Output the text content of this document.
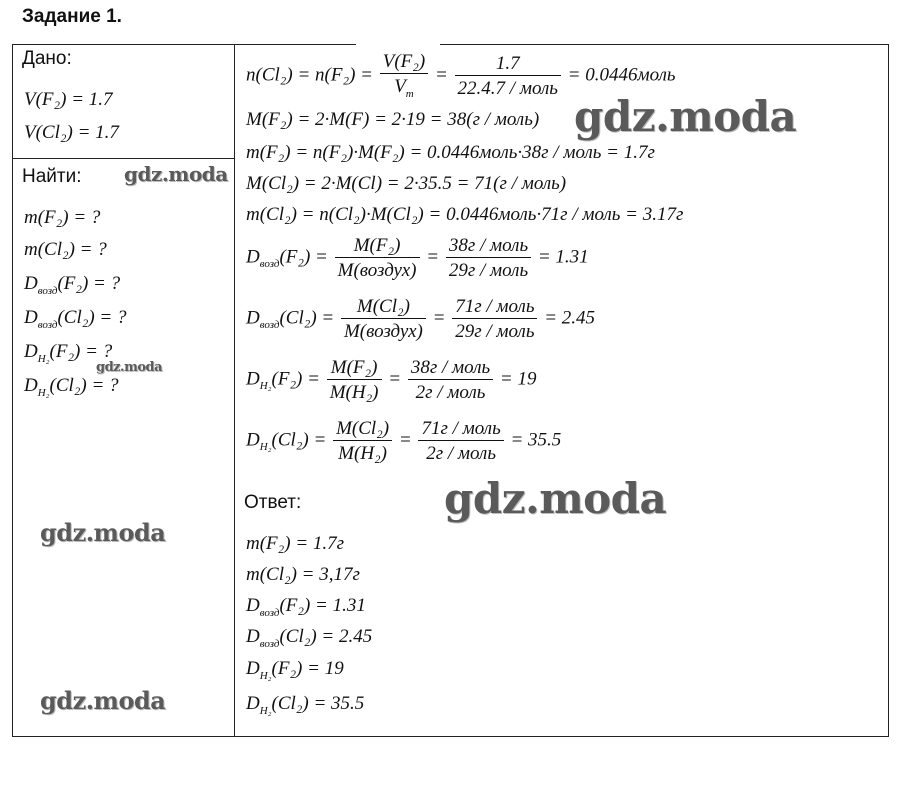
Задание 1.
Дано:
V(F₂) = 1.7
V(Cl₂) = 1.7
Найти:
m(F₂) = ?
m(Cl₂) = ?
$D_{возд}(F_2)$ = ?
$D_{возд}(Cl_2)$ = ?
$D_{H_2}(F_2)$ = ?
$D_{H_2}(Cl_2)$ = ?
$n(Cl_2) = n(F_2) = \frac{\text{V(F₂)}}{V_m} = \frac{1.7}{\text{22.4.7 / моль}}$ = 0.0446моль
M(F₂) = 2·M(F) = 2·19 = 38(г / моль)
m(F₂) = n(F₂)·M(F₂) = 0.0446моль·38г / моль = 1.7г
M(Cl₂) = 2·M(Cl) = 2·35.5 = 71(г / моль)
m(Cl₂) = n(Cl₂)·M(Cl₂) = 0.0446моль·71г / моль = 3.17г
$D_{возд}(F_2) = \frac{\text{M(F₂)}}{\text{M(воздух)}} = \frac{\text{38г / моль}}{\text{29г / моль}} = 1.31$
$D_{возд}(Cl_2) = \frac{\text{M(Cl₂)}}{\text{M(воздух)}} = \frac{\text{71г / моль}}{\text{29г / моль}} = 2.45$
$D_{H_2}(F_2) = \frac{\text{M(F₂)}}{\text{M(H₂)}} = \frac{\text{38г / моль}}{\text{2г / моль}} = 19$
$D_{H_2}(Cl_2) = \frac{\text{M(Cl₂)}}{\text{M(H₂)}} = \frac{\text{71г / моль}}{\text{2г / моль}} = 35.5$
Ответ:
m(F₂) = 1.7г
m(Cl₂) = 3,17г
$D_{возд}(F_2) = 1.31$
$D_{возд}(Cl_2) = 2.45$
$D_{H_2}(F_2) = 19$
$D_{H_2}(Cl_2) = 35.5$
gdz.moda
gdz.moda
gdz.moda
gdz.moda
gdz.moda
gdz.moda
